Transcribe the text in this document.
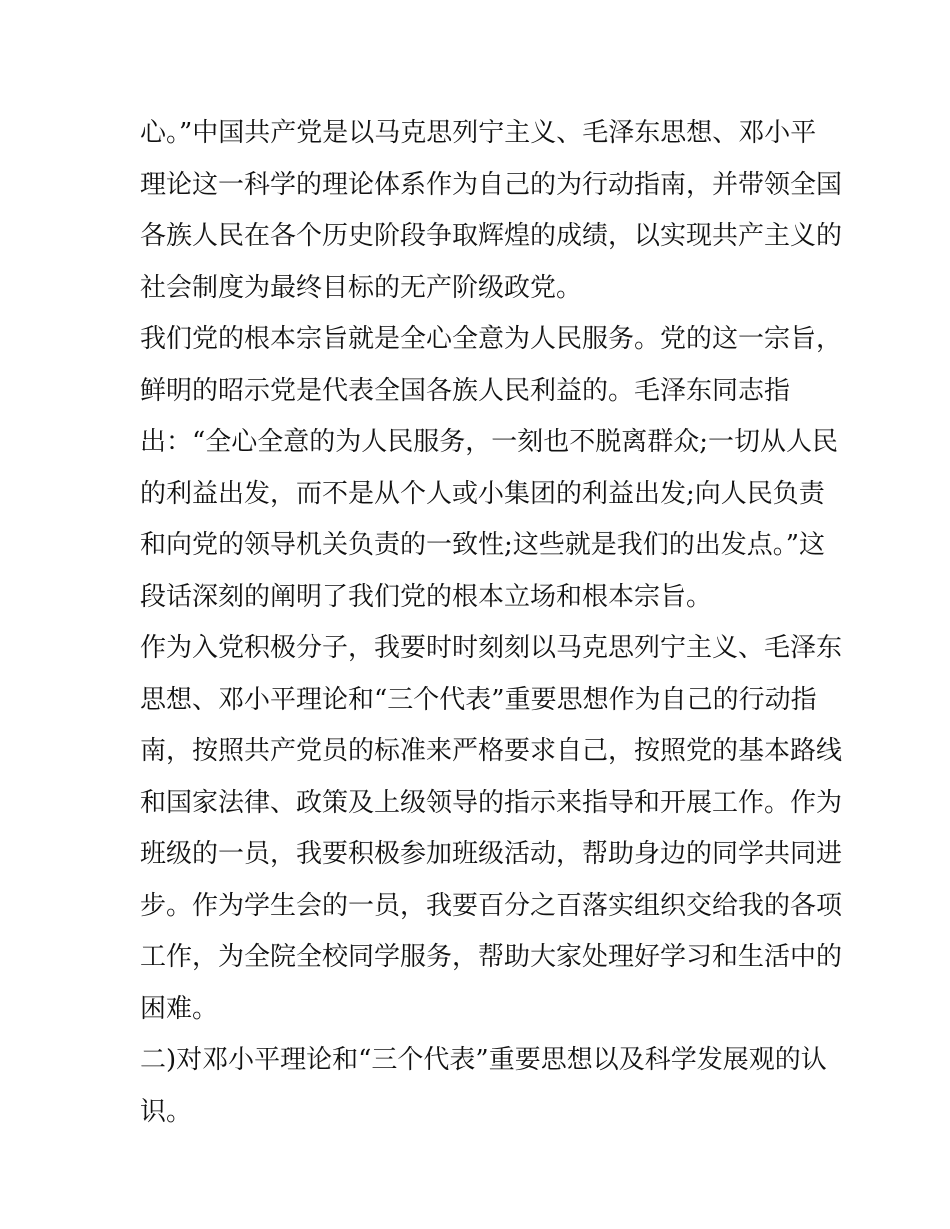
心。”中国共产党是以马克思列宁主义、毛泽东思想、邓小平
理论这一科学的理论体系作为自己的为行动指南，并带领全国
各族人民在各个历史阶段争取辉煌的成绩，以实现共产主义的
社会制度为最终目标的无产阶级政党。
我们党的根本宗旨就是全心全意为人民服务。党的这一宗旨，
鲜明的昭示党是代表全国各族人民利益的。毛泽东同志指
出：“全心全意的为人民服务，一刻也不脱离群众;一切从人民
的利益出发，而不是从个人或小集团的利益出发;向人民负责
和向党的领导机关负责的一致性;这些就是我们的出发点。”这
段话深刻的阐明了我们党的根本立场和根本宗旨。
作为入党积极分子，我要时时刻刻以马克思列宁主义、毛泽东
思想、邓小平理论和“三个代表”重要思想作为自己的行动指
南，按照共产党员的标准来严格要求自己，按照党的基本路线
和国家法律、政策及上级领导的指示来指导和开展工作。作为
班级的一员，我要积极参加班级活动，帮助身边的同学共同进
步。作为学生会的一员，我要百分之百落实组织交给我的各项
工作，为全院全校同学服务，帮助大家处理好学习和生活中的
困难。
二)对邓小平理论和“三个代表”重要思想以及科学发展观的认
识。
